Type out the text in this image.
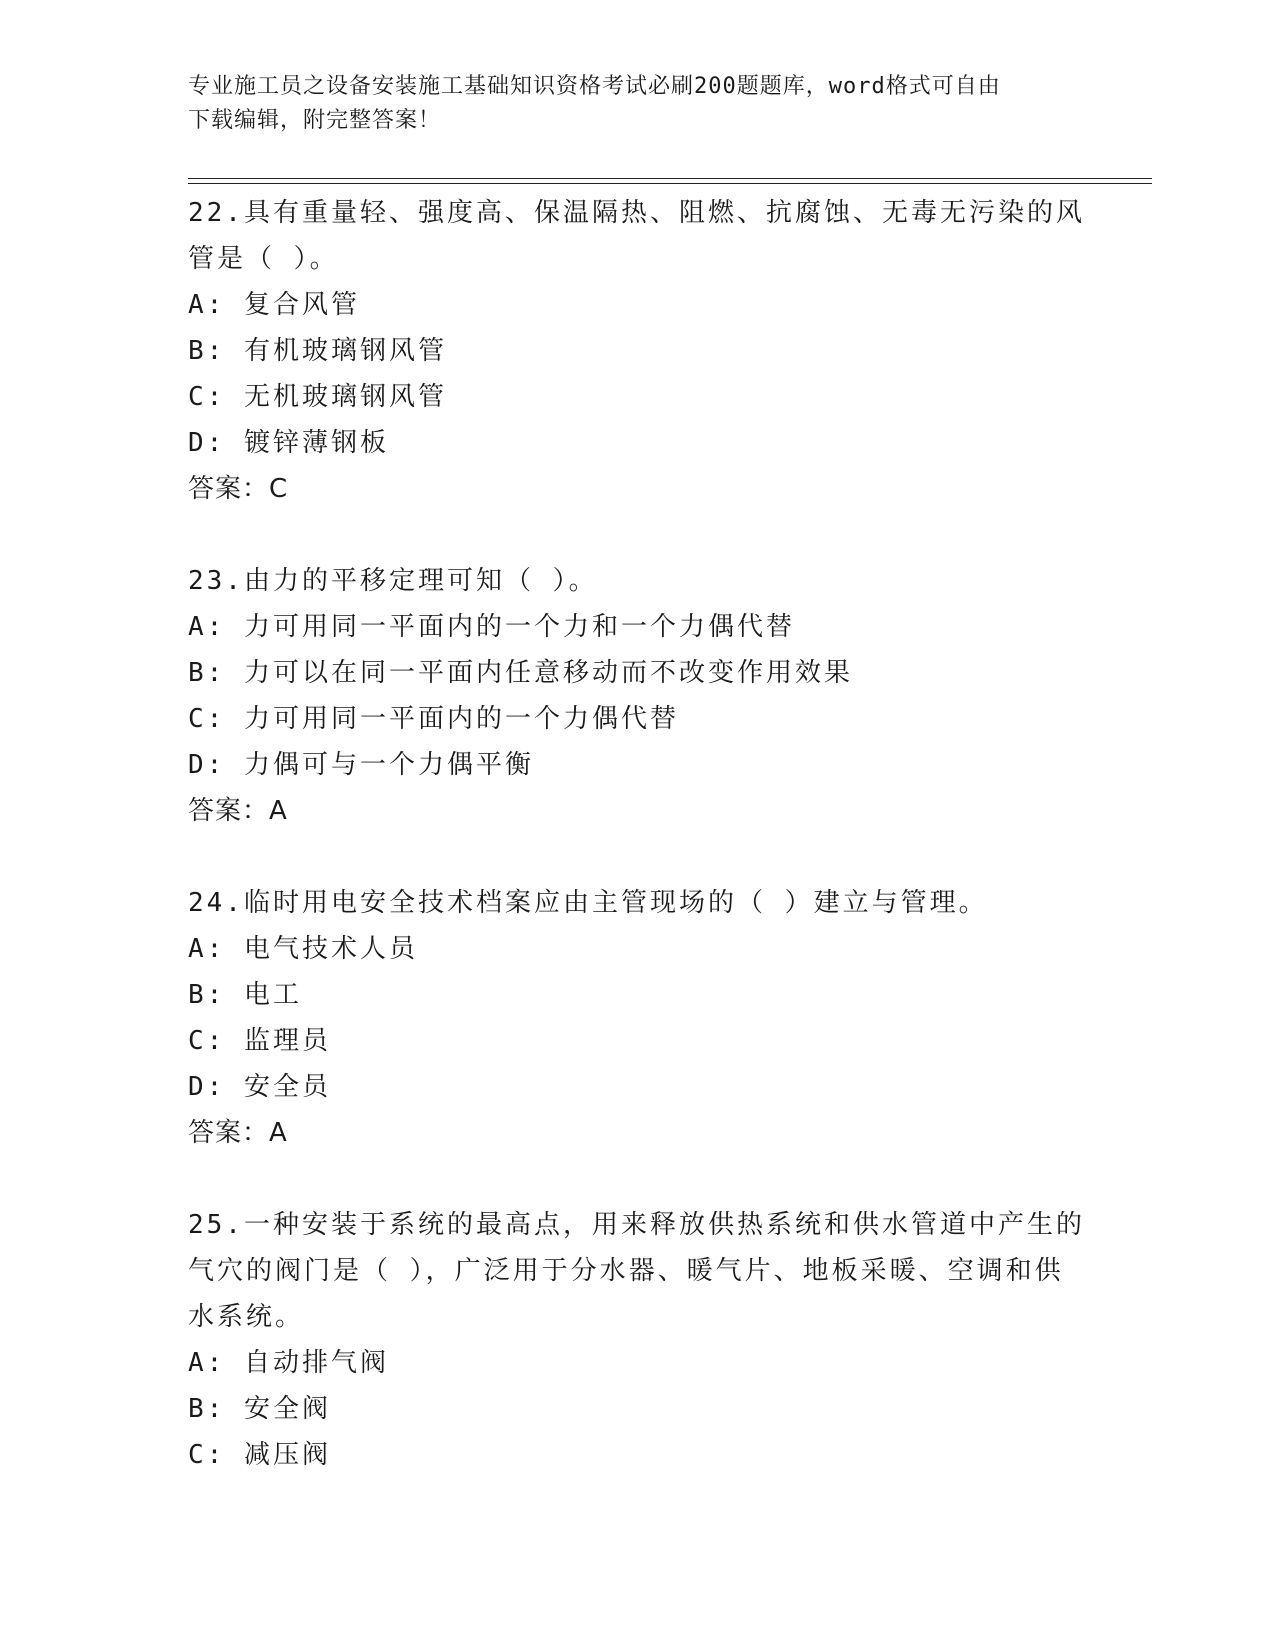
专业施工员之设备安装施工基础知识资格考试必刷200题题库，word格式可自由
下载编辑，附完整答案！
22.具有重量轻、强度高、保温隔热、阻燃、抗腐蚀、无毒无污染的风管是（ ）。
A: 复合风管
B: 有机玻璃钢风管
C: 无机玻璃钢风管
D: 镀锌薄钢板
答案：C
23.由力的平移定理可知（ ）。
A: 力可用同一平面内的一个力和一个力偶代替
B: 力可以在同一平面内任意移动而不改变作用效果
C: 力可用同一平面内的一个力偶代替
D: 力偶可与一个力偶平衡
答案：A
24.临时用电安全技术档案应由主管现场的（ ）建立与管理。
A: 电气技术人员
B: 电工
C: 监理员
D: 安全员
答案：A
25.一种安装于系统的最高点，用来释放供热系统和供水管道中产生的气穴的阀门是（ ），广泛用于分水器、暖气片、地板采暖、空调和供水系统。
A: 自动排气阀
B: 安全阀
C: 减压阀
